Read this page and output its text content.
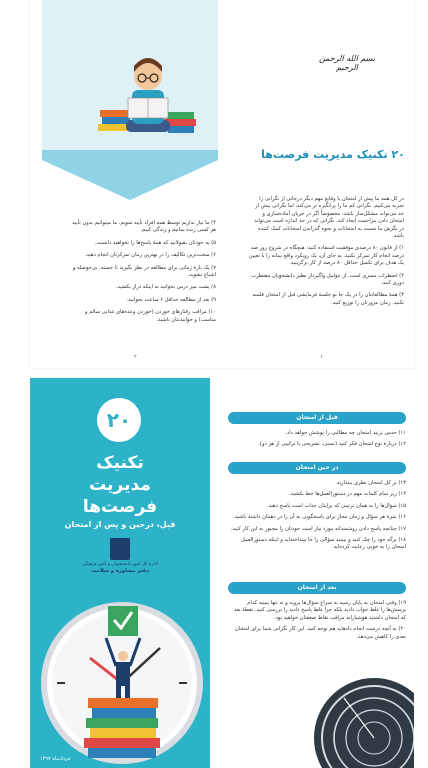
۴) ما نیاز نداریم توسط همه افراد تأیید شویم. ما میتوانیم بدون تأیید هر کسی زنده بمانیم و زندگی کنیم.

۵) به خودتان بقبولانید که همهٔ پاسخ‌ها را نخواهید دانست.

۶) سخت‌ترین تکالیف را در بهترین زمان تمرکزتان انجام دهید.

۷) یک بازهٔ زمانی برای مطالعه در نظر بگیرید تا خسته، بی‌حوصله و اشباع نشوید.

۸) پشت میز درس بخوانید نه اینکه دراز بکشید.

۹) بعد از مطالعه حداقل ۶ ساعت بخوابید.

۱۰) مراقب رفتارهای خوردن (خوردن وعده‌های غذایی سالم و مناسب) و خوابیدنتان باشید.

۲
بسم الله الرحمن الرحیم
۲۰ تکنیک مدیریت فرصت‌ها

در کل همه ما پیش از امتحان یا وقایع مهم دیگر درجاتی از نگرانی را تجربه می‌کنیم. نگرانی کم ما را پرانگیزه تر می‌کند، اما نگرانی بیش از حد می‌تواند مشکل‌ساز باشد. مخصوصاً اگر در جریان آماده‌سازی و امتحان دادن مزاحمت ایجاد کند. نگرانی که در حد اندازه است می‌تواند در نگرش ما نسبت به امتحانات و نحوه گذراندن امتحانات کمک کننده باشد.

۱) از قانون ۸۰ درصدی موفقیت استفاده کنید: هیچگاه در شروع روز صد درصد انجام کار تمرکز نکنید. به جای آن، یک رویکرد واقع بینانه را با تعیین یک هدف برای تکمیل حداقل ۸۰ درصد از کار برگزینید.

۲) اضطراب مسری است. از عوامل واگیرداز نظیر دانشجویان مضطرب دوری کنید.

۳) همهٔ مطالعاتتان را در یک جا نو جلسهٔ فرمایشی قبل از امتحان قلمبه نکنید. زمان مرورتان را توزیع کنید.

۱
۲۰
تکنیک
مدیریت
فرصت‌ها
قبل، درحین و پس از امتحان
اداره کل امور دانشجویان و امور فرهنگی
دفتر مشاوره و سلامت
خردادماه ۱۳۹۷
قبل از امتحان

۱۱) حدس بزنید امتحان چه مطالبی را پوشش خواهد داد.

۱۲) دربارهٔ نوع امتحان فکر کنید (تستی، تشریحی یا ترکیبی از هر دو).

در حین امتحان

۱۳) بر کل امتحان نظری بیندازید.

۱۴) زیر تمام کلمات مهم در دستورالعمل‌ها خط بکشید.

۱۵) سؤال‌ها را به همان ترتیبی که برایتان جذاب است پاسخ دهید.

۱۶) نمرهٔ هر سؤال و زمان مجاز برای پاسخگویی به آن را در ذهنتان داشته باشید.

۱۷) چنانچه پاسخ دادن روشمندانه مورد نیاز است خودتان را مجبور به این کار کنید.

۱۸) برگه خود را چک کنید و ببینید سؤالی را جا نینداخته‌اید و اینکه دستورالعمل امتحان را به خوبی رعایت کرده‌اید.

بعد از امتحان

۱۹) وقتی امتحان به پایان رسید به سراغ سؤال‌ها بروید و نه تنها ببینید کدام پرسش‌ها را غلط جواب دادید بلکه چرا غلط پاسخ دادید را بررسی کنید. نقطهٔ بعد که امتحان داشتید هوشیارانه مراقب نقاط ضعفتان خواهید بود.

۲۰) به آنچه درست انجام دادهاید هم توجه کنید. این کار نگرانی شما برای امتحان بعدی را کاهش می‌دهد.
